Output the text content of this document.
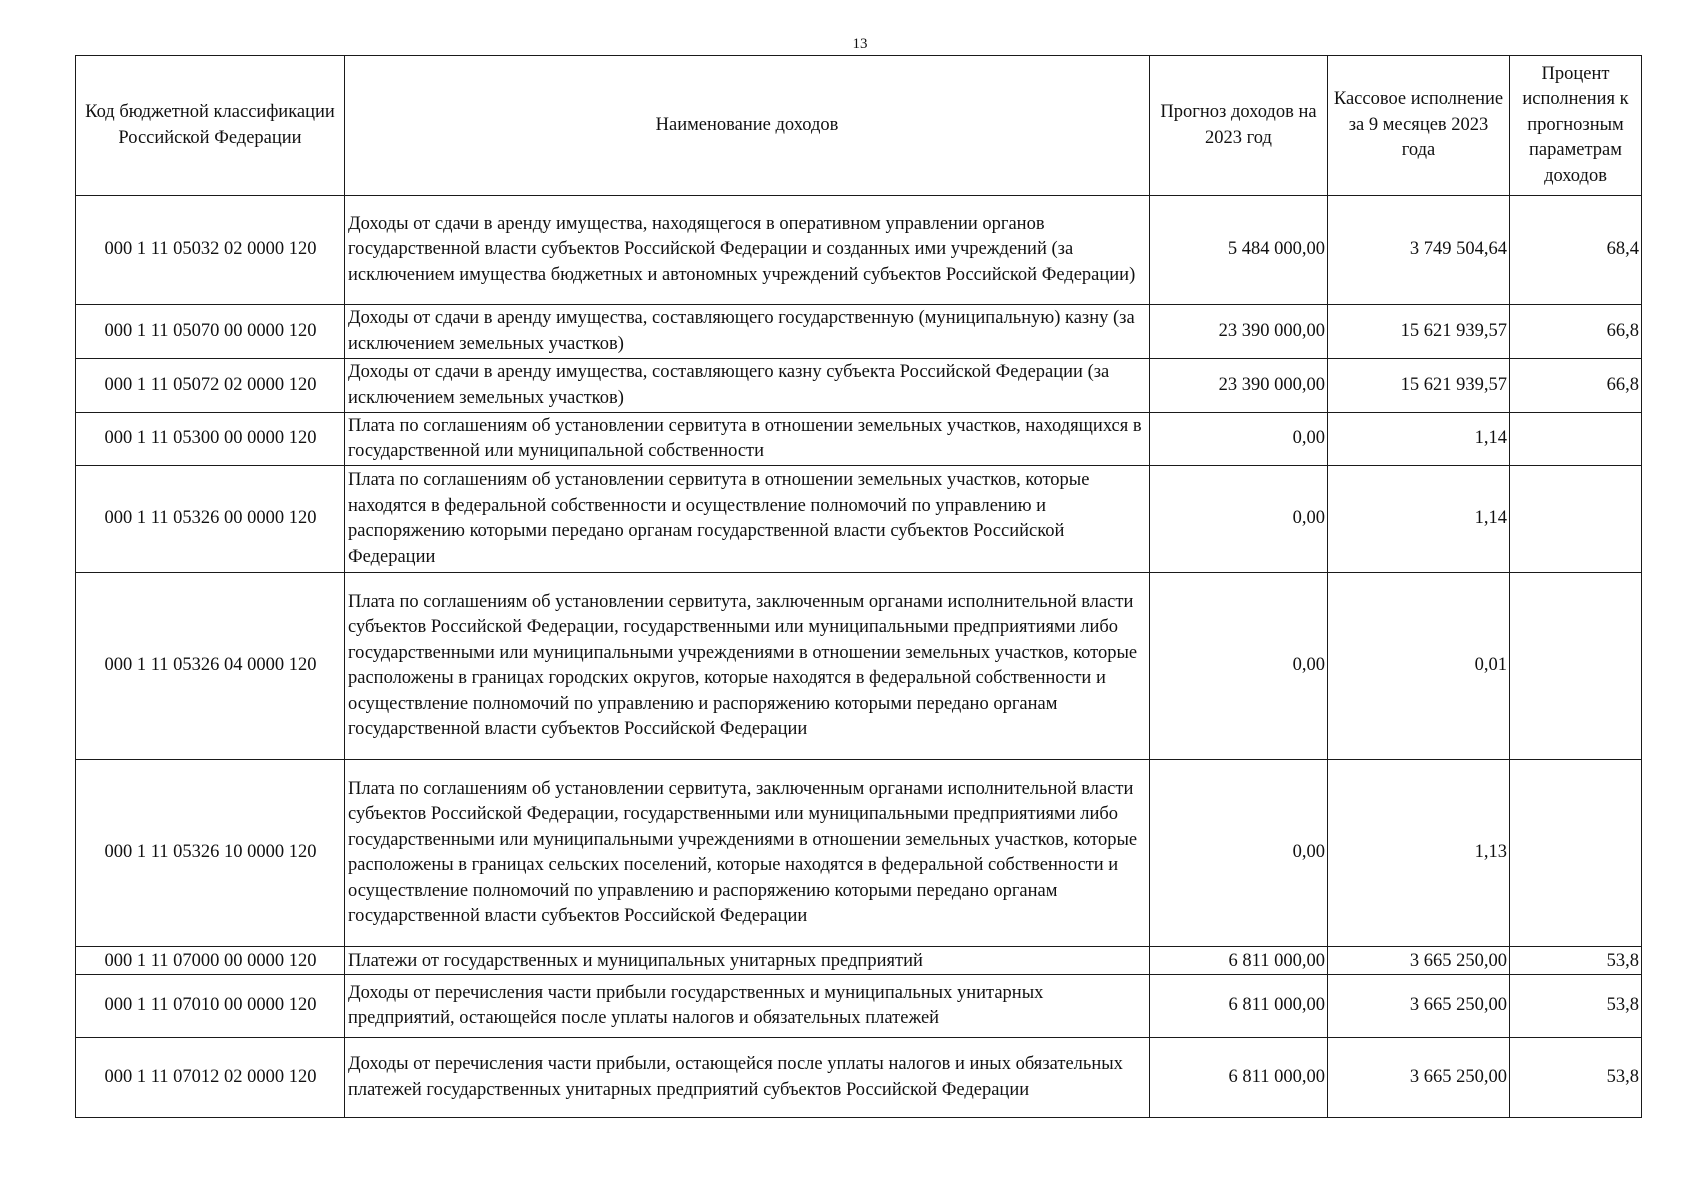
13
Код бюджетной классификации Российской Федерации	Наименование доходов	Прогноз доходов на 2023 год	Кассовое исполнение за 9 месяцев 2023 года	Процент исполнения к прогнозным параметрам доходов
000 1 11 05032 02 0000 120	Доходы от сдачи в аренду имущества, находящегося в оперативном управлении органов государственной власти субъектов Российской Федерации и созданных ими учреждений (за исключением имущества бюджетных и автономных учреждений субъектов Российской Федерации)	5 484 000,00	3 749 504,64	68,4
000 1 11 05070 00 0000 120	Доходы от сдачи в аренду имущества, составляющего государственную (муниципальную) казну (за исключением земельных участков)	23 390 000,00	15 621 939,57	66,8
000 1 11 05072 02 0000 120	Доходы от сдачи в аренду имущества, составляющего казну субъекта Российской Федерации (за исключением земельных участков)	23 390 000,00	15 621 939,57	66,8
000 1 11 05300 00 0000 120	Плата по соглашениям об установлении сервитута в отношении земельных участков, находящихся в государственной или муниципальной собственности	0,00	1,14	
000 1 11 05326 00 0000 120	Плата по соглашениям об установлении сервитута в отношении земельных участков, которые находятся в федеральной собственности и осуществление полномочий по управлению и распоряжению которыми передано органам государственной власти субъектов Российской Федерации	0,00	1,14	
000 1 11 05326 04 0000 120	Плата по соглашениям об установлении сервитута, заключенным органами исполнительной власти субъектов Российской Федерации, государственными или муниципальными предприятиями либо государственными или муниципальными учреждениями в отношении земельных участков, которые расположены в границах городских округов, которые находятся в федеральной собственности и осуществление полномочий по управлению и распоряжению которыми передано органам государственной власти субъектов Российской Федерации	0,00	0,01	
000 1 11 05326 10 0000 120	Плата по соглашениям об установлении сервитута, заключенным органами исполнительной власти субъектов Российской Федерации, государственными или муниципальными предприятиями либо государственными или муниципальными учреждениями в отношении земельных участков, которые расположены в границах сельских поселений, которые находятся в федеральной собственности и осуществление полномочий по управлению и распоряжению которыми передано органам государственной власти субъектов Российской Федерации	0,00	1,13	
000 1 11 07000 00 0000 120	Платежи от государственных и муниципальных унитарных предприятий	6 811 000,00	3 665 250,00	53,8
000 1 11 07010 00 0000 120	Доходы от перечисления части прибыли государственных и муниципальных унитарных предприятий, остающейся после уплаты налогов и обязательных платежей	6 811 000,00	3 665 250,00	53,8
000 1 11 07012 02 0000 120	Доходы от перечисления части прибыли, остающейся после уплаты налогов и иных обязательных платежей государственных унитарных предприятий субъектов Российской Федерации	6 811 000,00	3 665 250,00	53,8
